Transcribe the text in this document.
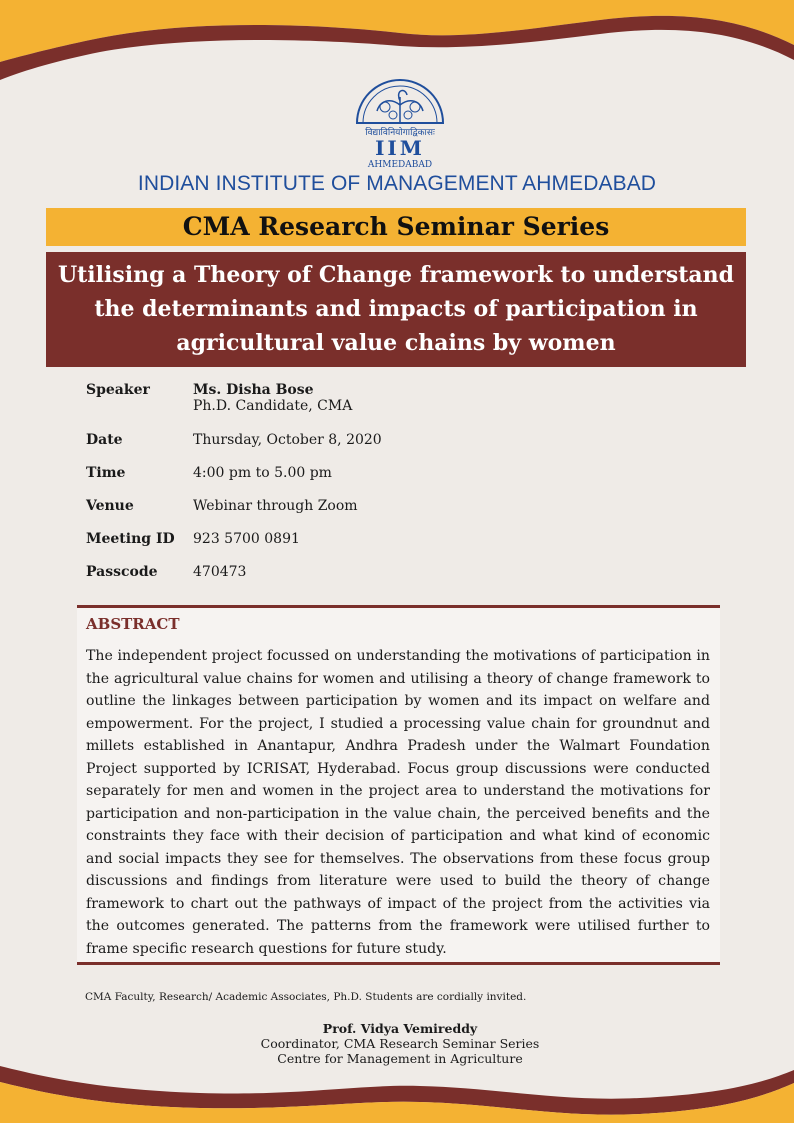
विद्याविनियोगाद्विकासः
IIM
AHMEDABAD
INDIAN INSTITUTE OF MANAGEMENT AHMEDABAD
CMA Research Seminar Series
Utilising a Theory of Change framework to understand
the determinants and impacts of participation in
agricultural value chains by women
Speaker	Ms. Disha Bose
Ph.D. Candidate, CMA
Date	Thursday, October 8, 2020
Time	4:00 pm to 5.00 pm
Venue	Webinar through Zoom
Meeting ID	923 5700 0891
Passcode	470473
ABSTRACT
The independent project focussed on understanding the motivations of participation in the agricultural value chains for women and utilising a theory of change framework to outline the linkages between participation by women and its impact on welfare and empowerment. For the project, I studied a processing value chain for groundnut and millets established in Anantapur, Andhra Pradesh under the Walmart Foundation Project supported by ICRISAT, Hyderabad. Focus group discussions were conducted separately for men and women in the project area to understand the motivations for participation and non-participation in the value chain, the perceived benefits and the constraints they face with their decision of participation and what kind of economic and social impacts they see for themselves. The observations from these focus group discussions and findings from literature were used to build the theory of change framework to chart out the pathways of impact of the project from the activities via the outcomes generated. The patterns from the framework were utilised further to frame specific research questions for future study.
CMA Faculty, Research/ Academic Associates, Ph.D. Students are cordially invited.
Prof. Vidya Vemireddy
Coordinator, CMA Research Seminar Series
Centre for Management in Agriculture
